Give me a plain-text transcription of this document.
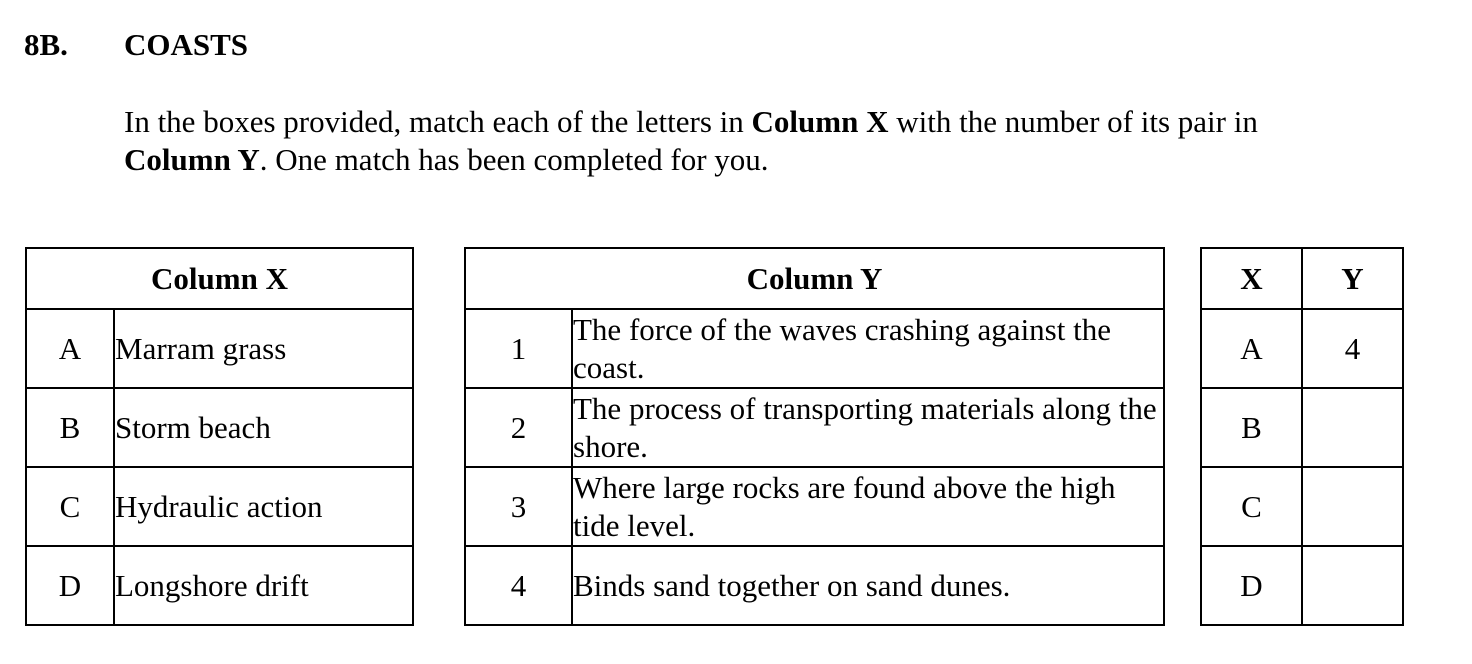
8B. COASTS
In the boxes provided, match each of the letters in Column X with the number of its pair in
Column Y. One match has been completed for you.
Column X	
A	Marram grass
B	Storm beach
C	Hydraulic action
D	Longshore drift
Column Y	
1	The force of the waves crashing against the coast.
2	The process of transporting materials along the shore.
3	Where large rocks are found above the high tide level.
4	Binds sand together on sand dunes.
X	Y
A	4
B	
C	
D	
